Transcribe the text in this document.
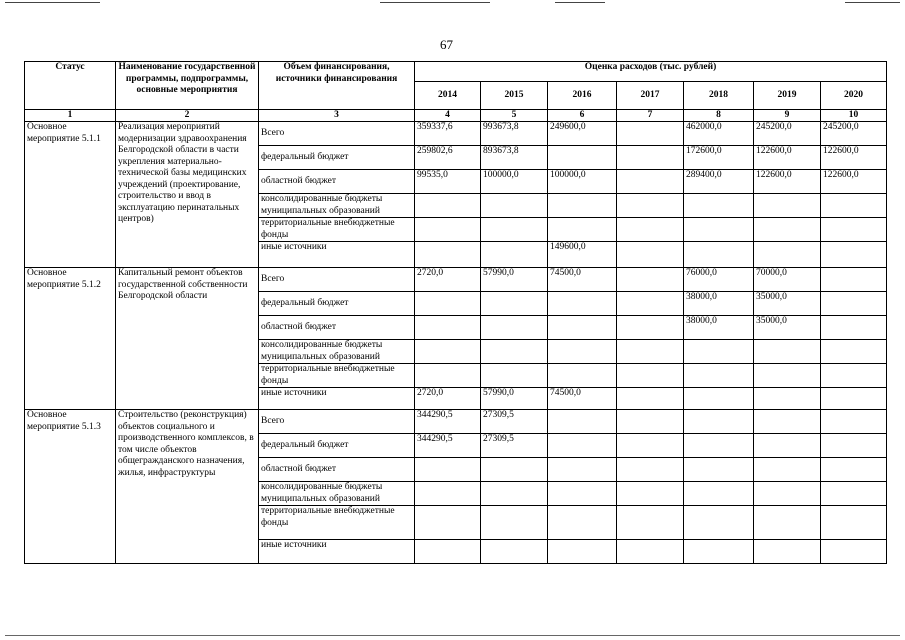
67
Статус	Наименование государственной программы, подпрограммы, основные мероприятия	Объем финансирования, источники финансирования	Оценка расходов (тыс. рублей)						
			2014	2015	2016	2017	2018	2019	2020
1	2	3	4	5	6	7	8	9	10
Основное мероприятие 5.1.1	Реализация мероприятий модернизации здравоохранения Белгородской области в части укрепления материально-технической базы медицинских учреждений (проектирование, строительство и ввод в эксплуатацию перинатальных центров)	Всего	359337,6	993673,8	249600,0		462000,0	245200,0	245200,0
		федеральный бюджет	259802,6	893673,8			172600,0	122600,0	122600,0
		областной бюджет	99535,0	100000,0	100000,0		289400,0	122600,0	122600,0
		консолидированные бюджеты муниципальных образований							
		территориальные внебюджетные фонды							
		иные источники			149600,0				
Основное мероприятие 5.1.2	Капитальный ремонт объектов государственной собственности Белгородской области	Всего	2720,0	57990,0	74500,0		76000,0	70000,0	
		федеральный бюджет					38000,0	35000,0	
		областной бюджет					38000,0	35000,0	
		консолидированные бюджеты муниципальных образований							
		территориальные внебюджетные фонды							
		иные источники	2720,0	57990,0	74500,0				
Основное мероприятие 5.1.3	Строительство (реконструкция) объектов социального и производственного комплексов, в том числе объектов общегражданского назначения, жилья, инфраструктуры	Всего	344290,5	27309,5					
		федеральный бюджет	344290,5	27309,5					
		областной бюджет							
		консолидированные бюджеты муниципальных образований							
		территориальные внебюджетные фонды							
		иные источники							
